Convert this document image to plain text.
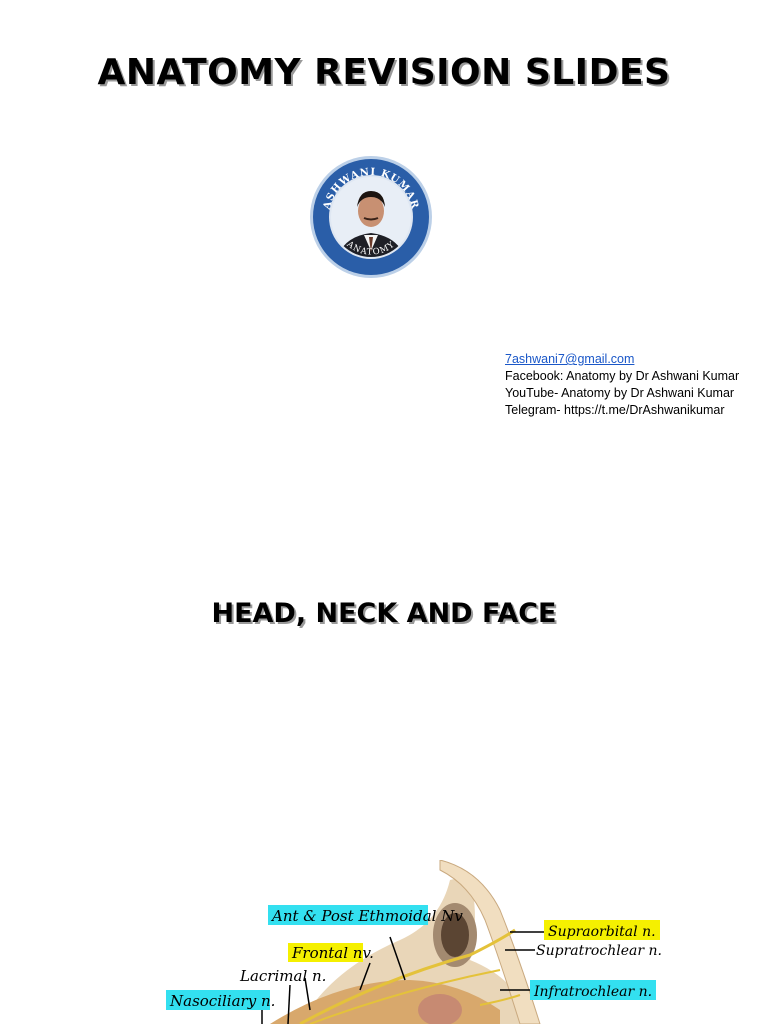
ANATOMY REVISION SLIDES
ASHWANI KUMAR
ANATOMY
7ashwani7@gmail.com
Facebook: Anatomy by Dr Ashwani Kumar
YouTube- Anatomy by Dr Ashwani Kumar
Telegram- https://t.me/DrAshwanikumar
HEAD, NECK AND FACE
Ant & Post Ethmoidal Nv
Frontal nv.
Lacrimal n.
Nasociliary n.
Supraorbital n.
Supratrochlear n.
Infratrochlear n.
